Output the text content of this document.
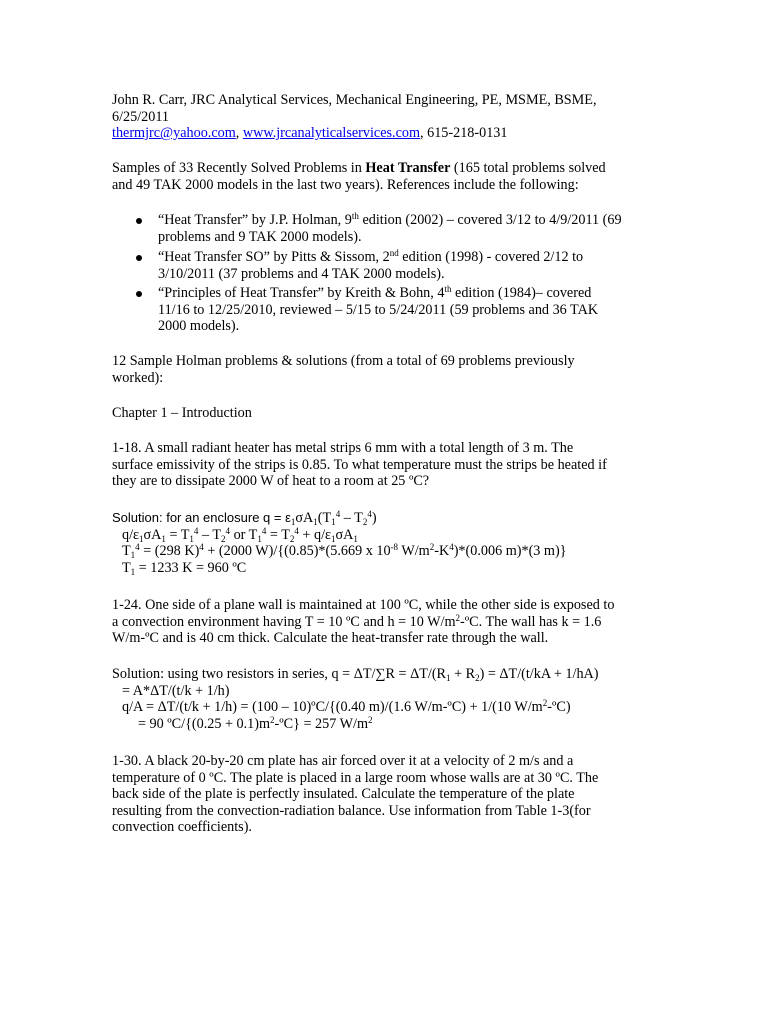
John R. Carr, JRC Analytical Services, Mechanical Engineering, PE, MSME, BSME,
6/25/2011
thermjrc@yahoo.com, www.jrcanalyticalservices.com, 615-218-0131
Samples of 33 Recently Solved Problems in Heat Transfer (165 total problems solved
and 49 TAK 2000 models in the last two years). References include the following:
“Heat Transfer” by J.P. Holman, 9th edition (2002) – covered 3/12 to 4/9/2011 (69
problems and 9 TAK 2000 models).
“Heat Transfer SO” by Pitts & Sissom, 2nd edition (1998) - covered 2/12 to
3/10/2011 (37 problems and 4 TAK 2000 models).
“Principles of Heat Transfer” by Kreith & Bohn, 4th edition (1984)– covered
11/16 to 12/25/2010, reviewed – 5/15 to 5/24/2011 (59 problems and 36 TAK
2000 models).
12 Sample Holman problems & solutions (from a total of 69 problems previously
worked):
Chapter 1 – Introduction
1-18. A small radiant heater has metal strips 6 mm with a total length of 3 m. The
surface emissivity of the strips is 0.85. To what temperature must the strips be heated if
they are to dissipate 2000 W of heat to a room at 25 ºC?
Solution: for an enclosure $q = \varepsilon_1\sigma A_1(T_1^4 - T_2^4)$
$q/\varepsilon_1\sigma A_1 = T_1^4 - T_2^4$ or $T_1^4 = T_2^4 + q/\varepsilon_1\sigma A_1$
$T_1^4 = (298$ K)$^4$ + (2000 W)/{(0.85)*(5.669 x $10^{-8}$ $W/m^2-K^4)*(0.006$ m)*(3 m)}
$T_1 = 1233$ K = 960 ºC
1-24. One side of a plane wall is maintained at 100 ºC, while the other side is exposed to
a convection environment having T = 10 ºC and h = 10 $W/m^2-ºC$. The wall has k = 1.6
W/m-ºC and is 40 cm thick. Calculate the heat-transfer rate through the wall.
Solution: using two resistors in series, $q = \Delta T/\sum R = \Delta T/(R_1 + R_2) = \Delta T/(t/kA + 1/hA)$
= A*ΔT/(t/k + 1/h)
q/A = ΔT/(t/k + 1/h) = (100 – 10)ºC/{(0.40 m)/(1.6 W/m-ºC) + 1/(10 $W/m^2-ºC$)
= 90 ºC/{(0.25 + $0.1)m^2-ºC\} = 257$ $W/m^2$
1-30. A black 20-by-20 cm plate has air forced over it at a velocity of 2 m/s and a
temperature of 0 ºC. The plate is placed in a large room whose walls are at 30 ºC. The
back side of the plate is perfectly insulated. Calculate the temperature of the plate
resulting from the convection-radiation balance. Use information from Table 1-3(for
convection coefficients).
